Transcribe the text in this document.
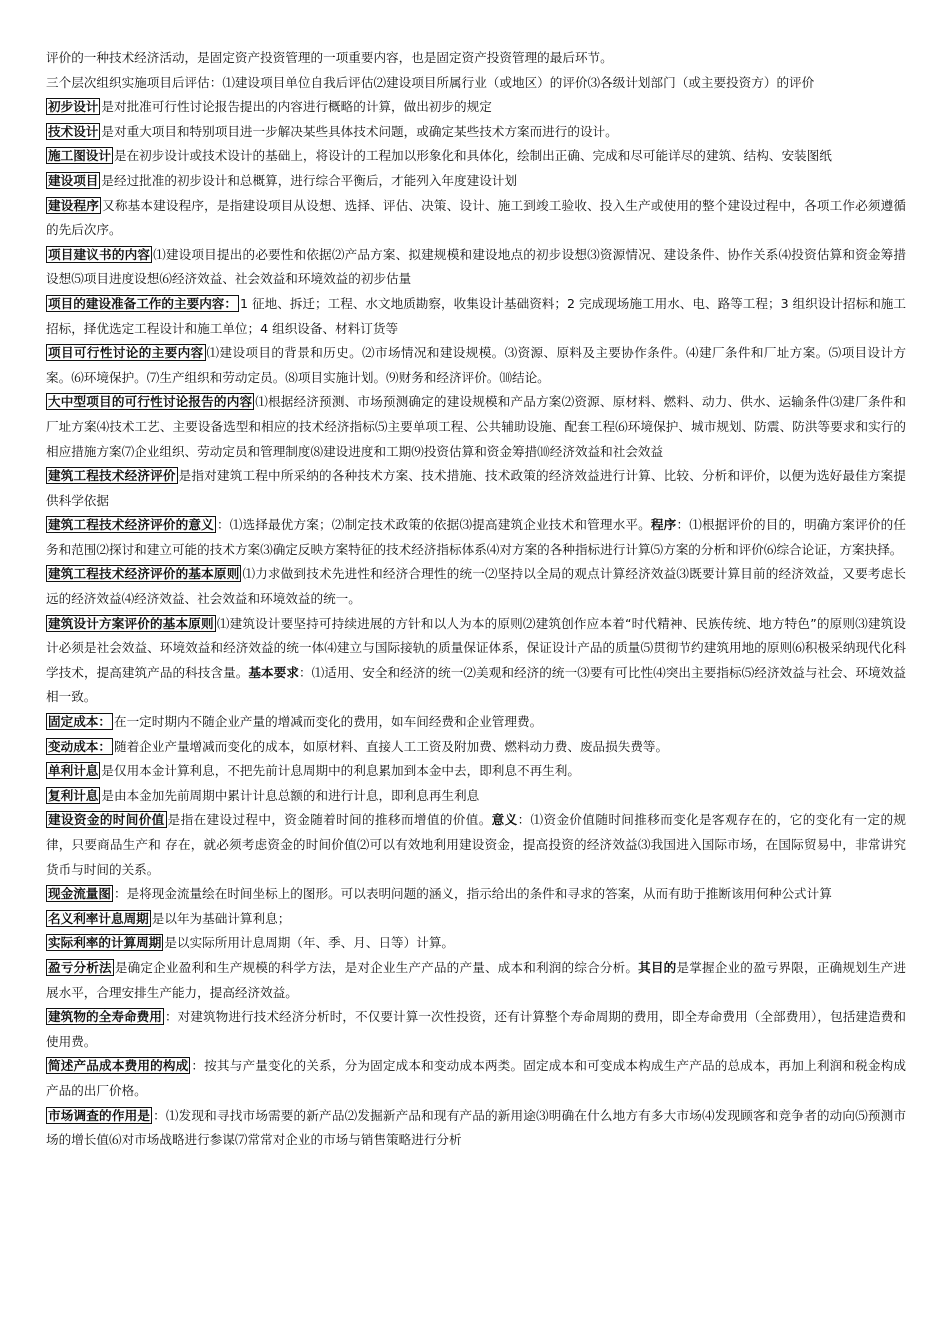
评价的一种技术经济活动，是固定资产投资管理的一项重要内容，也是固定资产投资管理的最后环节。
三个层次组织实施项目后评估：⑴建设项目单位自我后评估⑵建设项目所属行业（或地区）的评价⑶各级计划部门（或主要投资方）的评价
初步设计 是对批准可行性讨论报告提出的内容进行概略的计算，做出初步的规定
技术设计 是对重大项目和特别项目进一步解决某些具体技术问题，或确定某些技术方案而进行的设计。
施工图设计 是在初步设计或技术设计的基础上，将设计的工程加以形象化和具体化，绘制出正确、完成和尽可能详尽的建筑、结构、安装图纸
建设项目 是经过批准的初步设计和总概算，进行综合平衡后，才能列入年度建设计划
建设程序 又称基本建设程序，是指建设项目从设想、选择、评估、决策、设计、施工到竣工验收、投入生产或使用的整个建设过程中，各项工作必须遵循的先后次序。
项目建议书的内容 ⑴建设项目提出的必要性和依据⑵产品方案、拟建规模和建设地点的初步设想⑶资源情况、建设条件、协作关系⑷投资估算和资金筹措设想⑸项目进度设想⑹经济效益、社会效益和环境效益的初步估量
项目的建设准备工作的主要内容： 1 征地、拆迁；工程、水文地质勘察，收集设计基础资料；2 完成现场施工用水、电、路等工程；3 组织设计招标和施工招标，择优选定工程设计和施工单位；4 组织设备、材料订货等
项目可行性讨论的主要内容 ⑴建设项目的背景和历史。⑵市场情况和建设规模。⑶资源、原料及主要协作条件。⑷建厂条件和厂址方案。⑸项目设计方案。⑹环境保护。⑺生产组织和劳动定员。⑻项目实施计划。⑼财务和经济评价。⑽结论。
大中型项目的可行性讨论报告的内容 ⑴根据经济预测、市场预测确定的建设规模和产品方案⑵资源、原材料、燃料、动力、供水、运输条件⑶建厂条件和厂址方案⑷技术工艺、主要设备选型和相应的技术经济指标⑸主要单项工程、公共辅助设施、配套工程⑹环境保护、城市规划、防震、防洪等要求和实行的相应措施方案⑺企业组织、劳动定员和管理制度⑻建设进度和工期⑼投资估算和资金筹措⑽经济效益和社会效益
建筑工程技术经济评价 是指对建筑工程中所采纳的各种技术方案、技术措施、技术政策的经济效益进行计算、比较、分析和评价，以便为选好最佳方案提供科学依据
建筑工程技术经济评价的意义 ：⑴选择最优方案；⑵制定技术政策的依据⑶提高建筑企业技术和管理水平。程序：⑴根据评价的目的，明确方案评价的任务和范围⑵探讨和建立可能的技术方案⑶确定反映方案特征的技术经济指标体系⑷对方案的各种指标进行计算⑸方案的分析和评价⑹综合论证，方案抉择。
建筑工程技术经济评价的基本原则 ⑴力求做到技术先进性和经济合理性的统一⑵坚持以全局的观点计算经济效益⑶既要计算目前的经济效益，又要考虑长远的经济效益⑷经济效益、社会效益和环境效益的统一。
建筑设计方案评价的基本原则 ⑴建筑设计要坚持可持续进展的方针和以人为本的原则⑵建筑创作应本着“时代精神、民族传统、地方特色”的原则⑶建筑设计必须是社会效益、环境效益和经济效益的统一体⑷建立与国际接轨的质量保证体系，保证设计产品的质量⑸贯彻节约建筑用地的原则⑹积极采纳现代化科学技术，提高建筑产品的科技含量。基本要求：⑴适用、安全和经济的统一⑵美观和经济的统一⑶要有可比性⑷突出主要指标⑸经济效益与社会、环境效益相一致。
固定成本： 在一定时期内不随企业产量的增减而变化的费用，如车间经费和企业管理费。
变动成本： 随着企业产量增减而变化的成本，如原材料、直接人工工资及附加费、燃料动力费、废品损失费等。
单利计息 是仅用本金计算利息，不把先前计息周期中的利息累加到本金中去，即利息不再生利。
复利计息 是由本金加先前周期中累计计息总额的和进行计息，即利息再生利息
建设资金的时间价值 是指在建设过程中，资金随着时间的推移而增值的价值。意义：⑴资金价值随时间推移而变化是客观存在的，它的变化有一定的规律，只要商品生产和 存在，就必须考虑资金的时间价值⑵可以有效地利用建设资金，提高投资的经济效益⑶我国进入国际市场，在国际贸易中，非常讲究货币与时间的关系。
现金流量图 ：是将现金流量绘在时间坐标上的图形。可以表明问题的涵义，指示给出的条件和寻求的答案，从而有助于推断该用何种公式计算
名义利率计息周期 是以年为基础计算利息；
实际利率的计算周期 是以实际所用计息周期（年、季、月、日等）计算。
盈亏分析法 是确定企业盈利和生产规模的科学方法，是对企业生产产品的产量、成本和利润的综合分析。其目的是掌握企业的盈亏界限，正确规划生产进展水平，合理安排生产能力，提高经济效益。
建筑物的全寿命费用 ：对建筑物进行技术经济分析时，不仅要计算一次性投资，还有计算整个寿命周期的费用，即全寿命费用（全部费用），包括建造费和使用费。
简述产品成本费用的构成 ：按其与产量变化的关系，分为固定成本和变动成本两类。固定成本和可变成本构成生产产品的总成本，再加上利润和税金构成产品的出厂价格。
市场调查的作用是 ：⑴发现和寻找市场需要的新产品⑵发掘新产品和现有产品的新用途⑶明确在什么地方有多大市场⑷发现顾客和竞争者的动向⑸预测市场的增长值⑹对市场战略进行参谋⑺常常对企业的市场与销售策略进行分析
